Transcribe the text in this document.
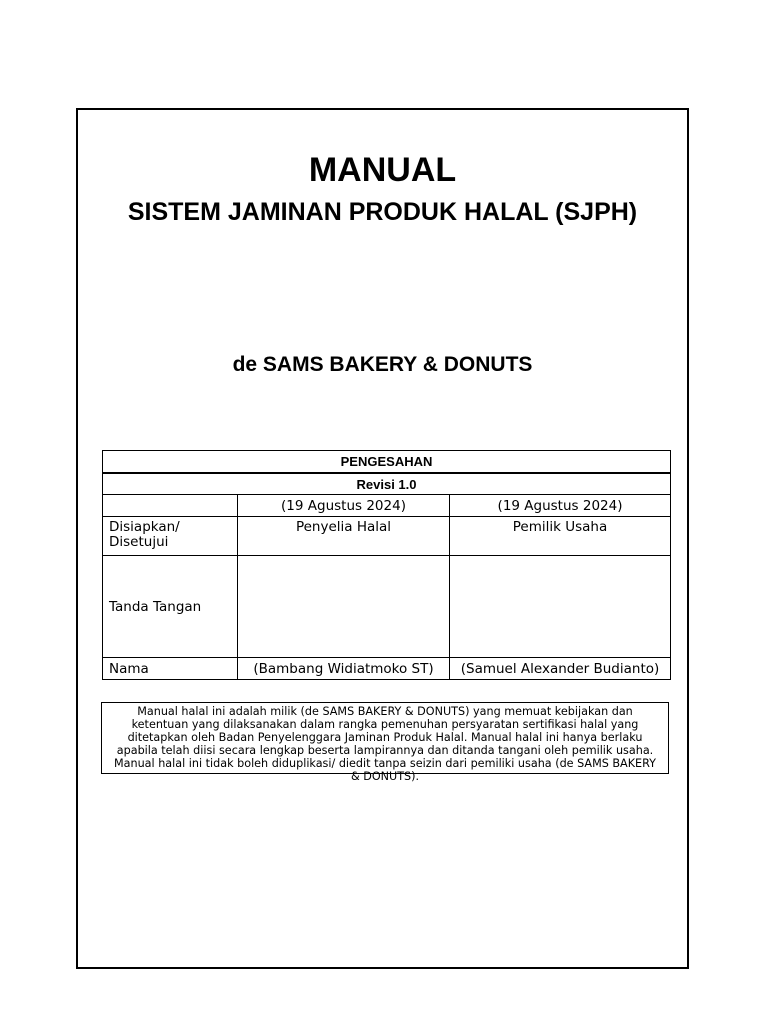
MANUAL
SISTEM JAMINAN PRODUK HALAL (SJPH)
de SAMS BAKERY & DONUTS
PENGESAHAN		
Revisi 1.0		
	(19 Agustus 2024)	(19 Agustus 2024)
Disiapkan/ Disetujui	Penyelia Halal	Pemilik Usaha
Tanda Tangan		
Nama	(Bambang Widiatmoko ST)	(Samuel Alexander Budianto)
Manual halal ini adalah milik (de SAMS BAKERY & DONUTS) yang memuat kebijakan dan ketentuan yang dilaksanakan dalam rangka pemenuhan persyaratan sertifikasi halal yang ditetapkan oleh Badan Penyelenggara Jaminan Produk Halal. Manual halal ini hanya berlaku apabila telah diisi secara lengkap beserta lampirannya dan ditanda tangani oleh pemilik usaha. Manual halal ini tidak boleh diduplikasi/ diedit tanpa seizin dari pemiliki usaha (de SAMS BAKERY & DONUTS).
